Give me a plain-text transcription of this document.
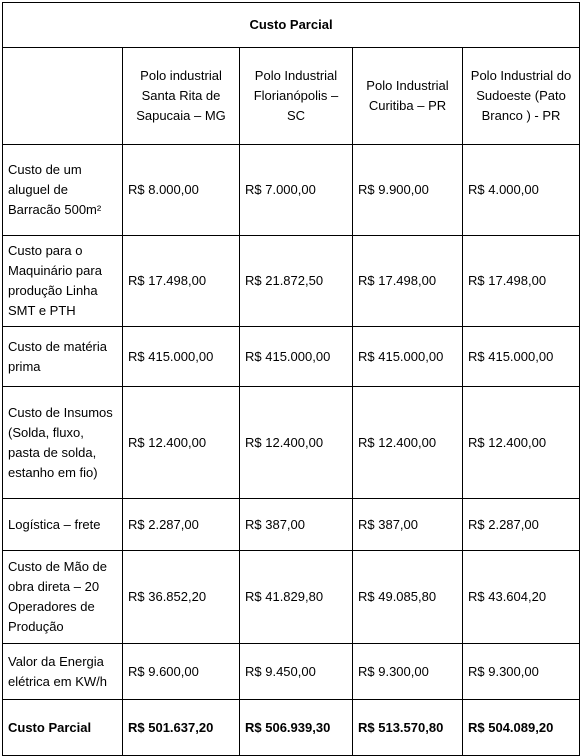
Custo Parcial				
	Polo industrial Santa Rita de Sapucaia – MG	Polo Industrial Florianópolis – SC	Polo Industrial Curitiba – PR	Polo Industrial do Sudoeste (Pato Branco ) - PR
Custo de um aluguel de Barracão 500m²	R$ 8.000,00	R$ 7.000,00	R$ 9.900,00	R$ 4.000,00
Custo para o Maquinário para produção Linha SMT e PTH	R$ 17.498,00	R$ 21.872,50	R$ 17.498,00	R$ 17.498,00
Custo de matéria prima	R$ 415.000,00	R$ 415.000,00	R$ 415.000,00	R$ 415.000,00
Custo de Insumos (Solda, fluxo, pasta de solda, estanho em fio)	R$ 12.400,00	R$ 12.400,00	R$ 12.400,00	R$ 12.400,00
Logística – frete	R$ 2.287,00	R$ 387,00	R$ 387,00	R$ 2.287,00
Custo de Mão de obra direta – 20 Operadores de Produção	R$ 36.852,20	R$ 41.829,80	R$ 49.085,80	R$ 43.604,20
Valor da Energia elétrica em KW/h	R$ 9.600,00	R$ 9.450,00	R$ 9.300,00	R$ 9.300,00
Custo Parcial	R$ 501.637,20	R$ 506.939,30	R$ 513.570,80	R$ 504.089,20
